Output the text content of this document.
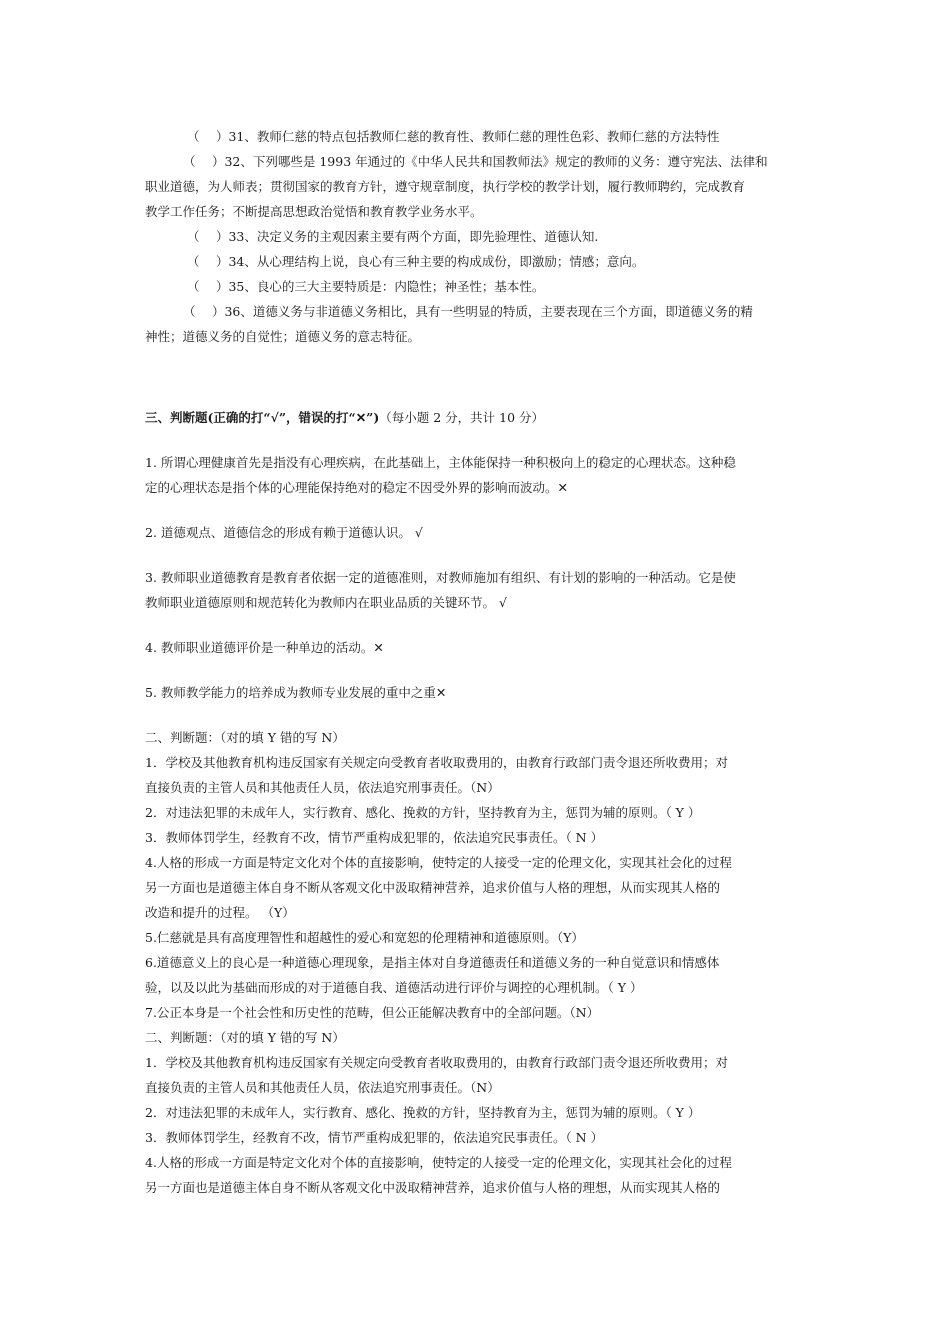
（　 ）31、教师仁慈的特点包括教师仁慈的教育性、教师仁慈的理性色彩、教师仁慈的方法特性
（　 ）32、下列哪些是 1993 年通过的《中华人民共和国教师法》规定的教师的义务：遵守宪法、法律和
职业道德，为人师表；贯彻国家的教育方针，遵守规章制度，执行学校的教学计划，履行教师聘约，完成教育
教学工作任务；不断提高思想政治觉悟和教育教学业务水平。
（　 ）33、决定义务的主观因素主要有两个方面，即先验理性、道德认知.
（　 ）34、从心理结构上说，良心有三种主要的构成成份，即激励；情感；意向。
（　 ）35、良心的三大主要特质是：内隐性；神圣性；基本性。
（　 ）36、道德义务与非道德义务相比，具有一些明显的特质，主要表现在三个方面，即道德义务的精
神性；道德义务的自觉性；道德义务的意志特征。
三、判断题(正确的打“√”，错误的打“✕”)（每小题 2 分，共计 10 分）
1. 所谓心理健康首先是指没有心理疾病，在此基础上，主体能保持一种积极向上的稳定的心理状态。这种稳
定的心理状态是指个体的心理能保持绝对的稳定不因受外界的影响而波动。✕
2. 道德观点、道德信念的形成有赖于道德认识。 √
3. 教师职业道德教育是教育者依据一定的道德准则，对教师施加有组织、有计划的影响的一种活动。它是使
教师职业道德原则和规范转化为教师内在职业品质的关键环节。 √
4. 教师职业道德评价是一种单边的活动。✕
5. 教师教学能力的培养成为教师专业发展的重中之重✕
二、判断题：（对的填 Y 错的写 N）
1．学校及其他教育机构违反国家有关规定向受教育者收取费用的，由教育行政部门责令退还所收费用；对
直接负责的主管人员和其他责任人员，依法追究刑事责任。（N）
2．对违法犯罪的未成年人，实行教育、感化、挽救的方针，坚持教育为主，惩罚为辅的原则。（ Y ）
3．教师体罚学生，经教育不改，情节严重构成犯罪的，依法追究民事责任。（ N ）
4.人格的形成一方面是特定文化对个体的直接影响，使特定的人接受一定的伦理文化，实现其社会化的过程
另一方面也是道德主体自身不断从客观文化中汲取精神营养，追求价值与人格的理想，从而实现其人格的
改造和提升的过程。 （Y）
5.仁慈就是具有高度理智性和超越性的爱心和宽恕的伦理精神和道德原则。（Y）
6.道德意义上的良心是一种道德心理现象，是指主体对自身道德责任和道德义务的一种自觉意识和情感体
验，以及以此为基础而形成的对于道德自我、道德活动进行评价与调控的心理机制。（ Y ）
7.公正本身是一个社会性和历史性的范畴，但公正能解决教育中的全部问题。（N）
二、判断题：（对的填 Y 错的写 N）
1．学校及其他教育机构违反国家有关规定向受教育者收取费用的，由教育行政部门责令退还所收费用；对
直接负责的主管人员和其他责任人员，依法追究刑事责任。（N）
2．对违法犯罪的未成年人，实行教育、感化、挽救的方针，坚持教育为主，惩罚为辅的原则。（ Y ）
3．教师体罚学生，经教育不改，情节严重构成犯罪的，依法追究民事责任。（ N ）
4.人格的形成一方面是特定文化对个体的直接影响，使特定的人接受一定的伦理文化，实现其社会化的过程
另一方面也是道德主体自身不断从客观文化中汲取精神营养，追求价值与人格的理想，从而实现其人格的
